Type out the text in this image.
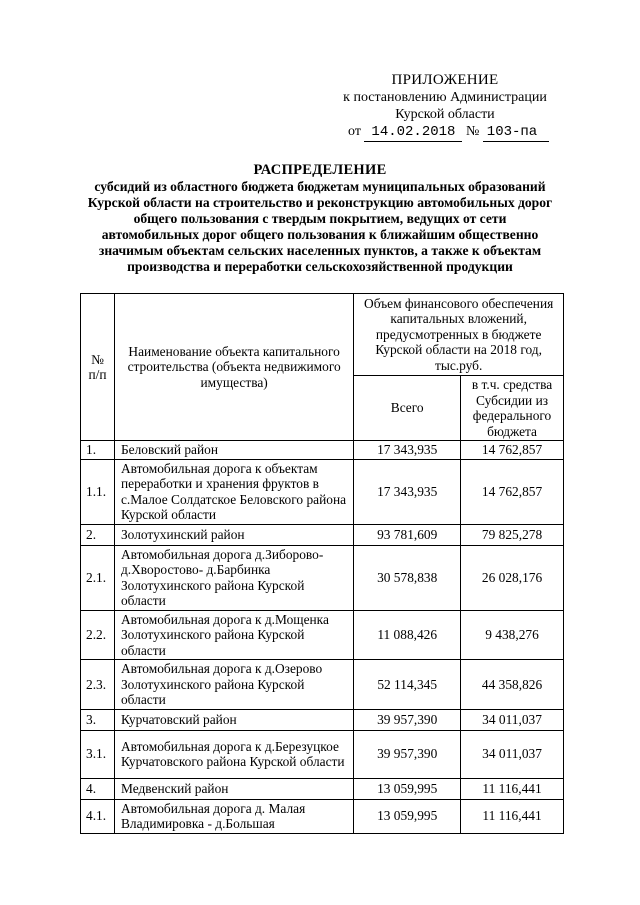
ПРИЛОЖЕНИЕ
к постановлению Администрации
Курской области
от 14.02.2018 № 103-па
РАСПРЕДЕЛЕНИЕ
субсидий из областного бюджета бюджетам муниципальных образований
Курской области на строительство и реконструкцию автомобильных дорог
общего пользования с твердым покрытием, ведущих от сети
автомобильных дорог общего пользования к ближайшим общественно
значимым объектам сельских населенных пунктов, а также к объектам
производства и переработки сельскохозяйственной продукции
№ п/п	Наименование объекта капитального строительства (объекта недвижимого имущества)	Объем финансового обеспечения капитальных вложений, предусмотренных в бюджете Курской области на 2018 год, тыс.руб.	
		Всего	в т.ч. средства Субсидии из федерального бюджета
1.	Беловский район	17 343,935	14 762,857
1.1.	Автомобильная дорога к объектам переработки и хранения фруктов в с.Малое Солдатское Беловского района Курской области	17 343,935	14 762,857
2.	Золотухинский район	93 781,609	79 825,278
2.1.	Автомобильная дорога д.Зиборово-д.Хворостово- д.Барбинка Золотухинского района Курской области	30 578,838	26 028,176
2.2.	Автомобильная дорога к д.Мощенка Золотухинского района Курской области	11 088,426	9 438,276
2.3.	Автомобильная дорога к д.Озерово Золотухинского района Курской области	52 114,345	44 358,826
3.	Курчатовский район	39 957,390	34 011,037
3.1.	Автомобильная дорога к д.Березуцкое Курчатовского района Курской области	39 957,390	34 011,037
4.	Медвенский район	13 059,995	11 116,441
4.1.	Автомобильная дорога д. Малая Владимировка - д.Большая	13 059,995	11 116,441
